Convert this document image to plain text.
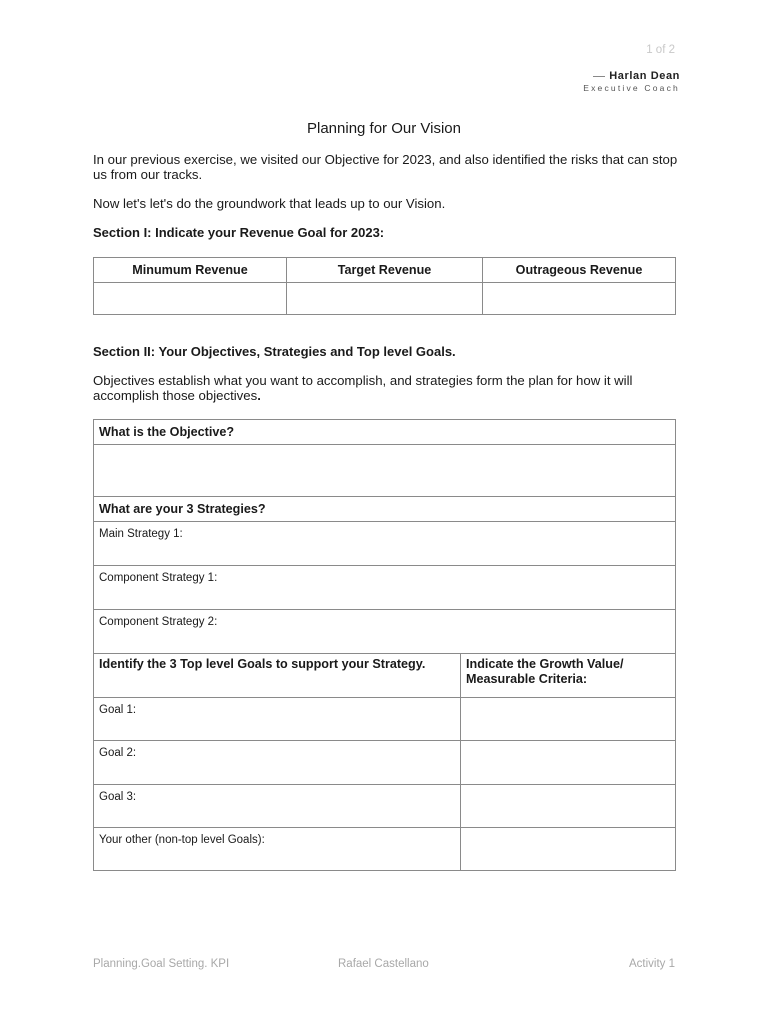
1 of 2
Harlan Dean
Executive Coach
Planning for Our Vision
In our previous exercise, we visited our Objective for 2023, and also identified the risks that can stop us from our tracks.
Now let's let's do the groundwork that leads up to our Vision.
Section I: Indicate your Revenue Goal for 2023:
Minumum Revenue	Target Revenue	Outrageous Revenue

Section II: Your Objectives, Strategies and Top level Goals.
Objectives establish what you want to accomplish, and strategies form the plan for how it will accomplish those objectives.
What is the Objective?	

What are your 3 Strategies?	
Main Strategy 1:	
Component Strategy 1:	
Component Strategy 2:	
Identify the 3 Top level Goals to support your Strategy.	Indicate the Growth Value/ Measurable Criteria:
Goal 1:	
Goal 2:	
Goal 3:	
Your other (non-top level Goals):	
Planning.Goal Setting. KPI	Rafael Castellano	Activity 1
